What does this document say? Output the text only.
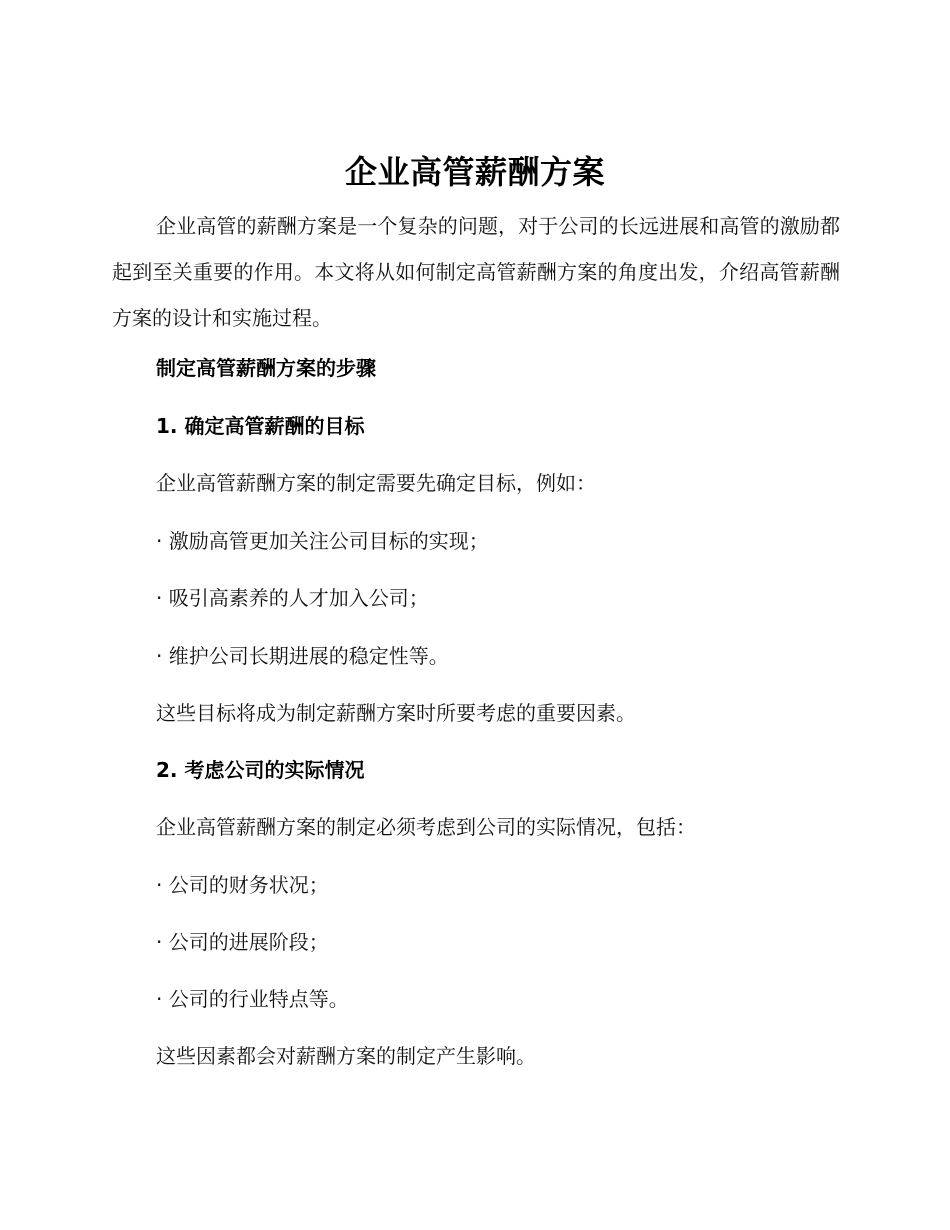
企业高管薪酬方案

企业高管的薪酬方案是一个复杂的问题，对于公司的长远进展和高管的激励都起到至关重要的作用。本文将从如何制定高管薪酬方案的角度出发，介绍高管薪酬方案的设计和实施过程。

制定高管薪酬方案的步骤
1. 确定高管薪酬的目标
企业高管薪酬方案的制定需要先确定目标，例如：
· 激励高管更加关注公司目标的实现；
· 吸引高素养的人才加入公司；
· 维护公司长期进展的稳定性等。
这些目标将成为制定薪酬方案时所要考虑的重要因素。
2. 考虑公司的实际情况
企业高管薪酬方案的制定必须考虑到公司的实际情况，包括：
· 公司的财务状况；
· 公司的进展阶段；
· 公司的行业特点等。
这些因素都会对薪酬方案的制定产生影响。
